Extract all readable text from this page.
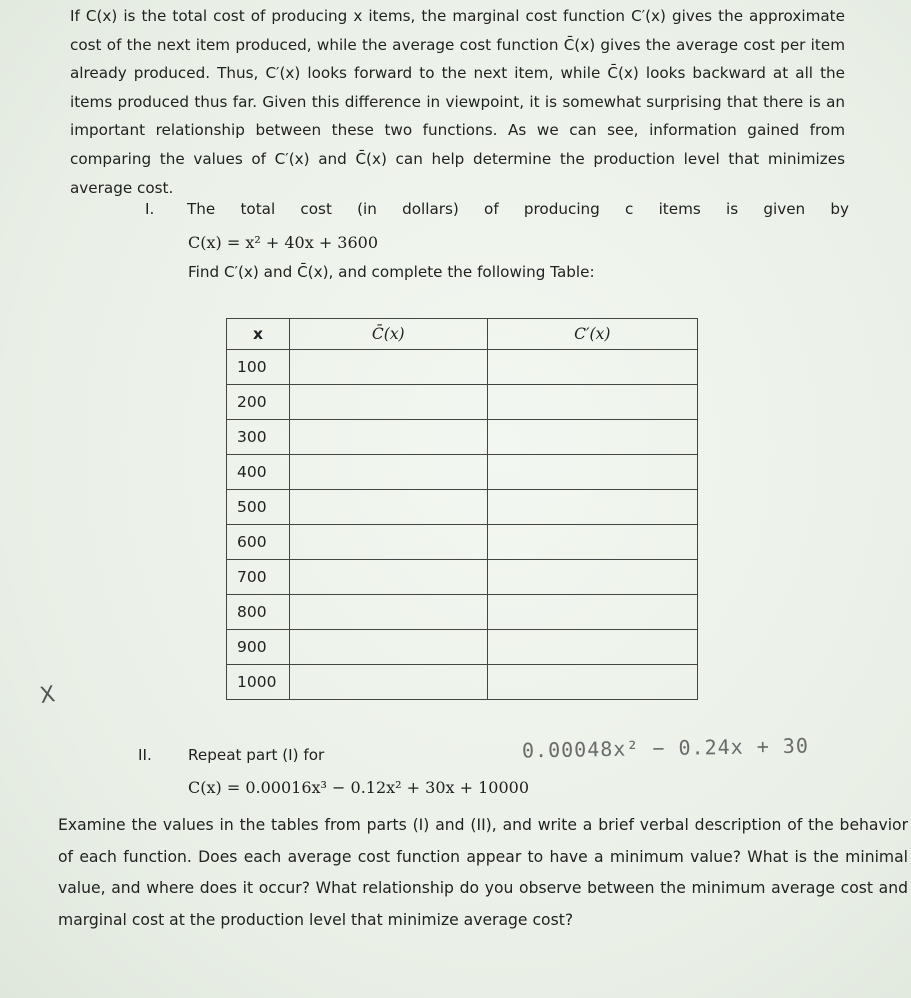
If C(x) is the total cost of producing x items, the marginal cost function C′(x) gives the approximate cost of the next item produced, while the average cost function C̄(x) gives the average cost per item already produced. Thus, C′(x) looks forward to the next item, while C̄(x) looks backward at all the items produced thus far. Given this difference in viewpoint, it is somewhat surprising that there is an important relationship between these two functions. As we can see, information gained from comparing the values of C′(x) and C̄(x) can help determine the production level that minimizes average cost.
I. The total cost (in dollars) of producing c items is given by
C(x) = x² + 40x + 3600
Find C′(x) and C̄(x), and complete the following Table:
x	C̄(x)	C′(x)
100		
200		
300		
400		
500		
600		
700		
800		
900		
1000		
X
II. Repeat part (I) for	0.00048x² − 0.24x + 30
C(x) = 0.00016x³ − 0.12x² + 30x + 10000
Examine the values in the tables from parts (I) and (II), and write a brief verbal description of the behavior of each function. Does each average cost function appear to have a minimum value? What is the minimal value, and where does it occur? What relationship do you observe between the minimum average cost and marginal cost at the production level that minimize average cost?
